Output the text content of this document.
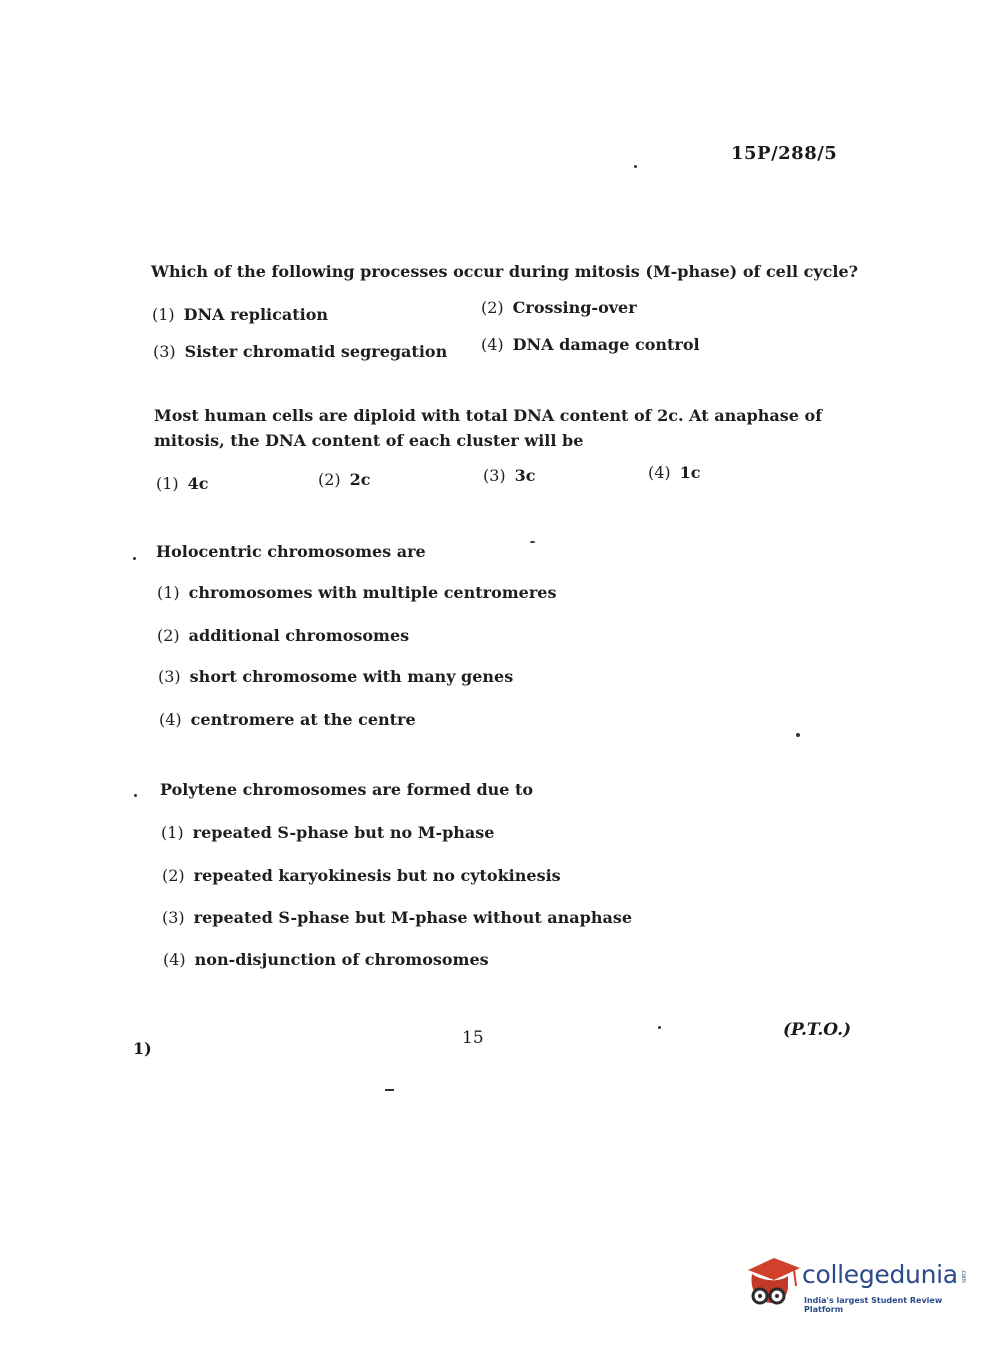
15P/288/5
Which of the following processes occur during mitosis (M-phase) of cell cycle?
(1) DNA replication	(2) Crossing-over
(3) Sister chromatid segregation (4) DNA damage control
Most human cells are diploid with total DNA content of 2c. At anaphase of
mitosis, the DNA content of each cluster will be
(1) 4c	(2) 2c	(3) 3c	(4) 1c
Holocentric chromosomes are
(1) chromosomes with multiple centromeres
(2) additional chromosomes
(3) short chromosome with many genes
(4) centromere at the centre
Polytene chromosomes are formed due to
(1) repeated S-phase but no M-phase
(2) repeated karyokinesis but no cytokinesis
(3) repeated S-phase but M-phase without anaphase
(4) non-disjunction of chromosomes
15	(P.T.O.)
1)
collegedunia .com
India's largest Student Review Platform
